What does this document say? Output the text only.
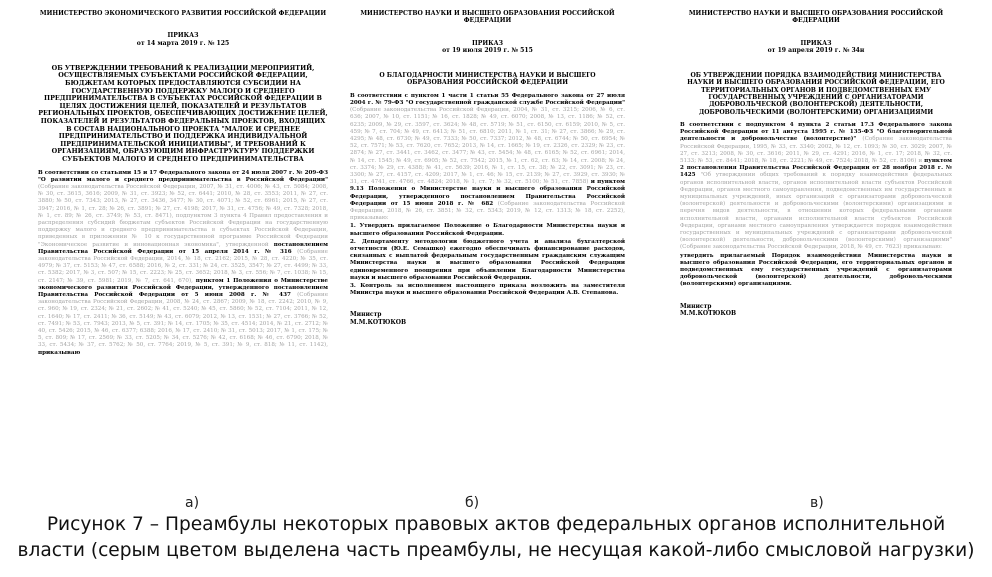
МИНИСТЕРСТВО ЭКОНОМИЧЕСКОГО РАЗВИТИЯ РОССИЙСКОЙ ФЕДЕРАЦИИ

ПРИКАЗ

от 14 марта 2019 г. № 125

ОБ УТВЕРЖДЕНИИ ТРЕБОВАНИЙ К РЕАЛИЗАЦИИ МЕРОПРИЯТИЙ, ОСУЩЕСТВЛЯЕМЫХ СУБЪЕКТАМИ РОССИЙСКОЙ ФЕДЕРАЦИИ, БЮДЖЕТАМ КОТОРЫХ ПРЕДОСТАВЛЯЮТСЯ СУБСИДИИ НА ГОСУДАРСТВЕННУЮ ПОДДЕРЖКУ МАЛОГО И СРЕДНЕГО ПРЕДПРИНИМАТЕЛЬСТВА В СУБЪЕКТАХ РОССИЙСКОЙ ФЕДЕРАЦИИ В ЦЕЛЯХ ДОСТИЖЕНИЯ ЦЕЛЕЙ, ПОКАЗАТЕЛЕЙ И РЕЗУЛЬТАТОВ РЕГИОНАЛЬНЫХ ПРОЕКТОВ, ОБЕСПЕЧИВАЮЩИХ ДОСТИЖЕНИЕ ЦЕЛЕЙ, ПОКАЗАТЕЛЕЙ И РЕЗУЛЬТАТОВ ФЕДЕРАЛЬНЫХ ПРОЕКТОВ, ВХОДЯЩИХ В СОСТАВ НАЦИОНАЛЬНОГО ПРОЕКТА "МАЛОЕ И СРЕДНЕЕ ПРЕДПРИНИМАТЕЛЬСТВО И ПОДДЕРЖКА ИНДИВИДУАЛЬНОЙ ПРЕДПРИНИМАТЕЛЬСКОЙ ИНИЦИАТИВЫ", И ТРЕБОВАНИЙ К ОРГАНИЗАЦИЯМ, ОБРАЗУЮЩИМ ИНФРАСТРУКТУРУ ПОДДЕРЖКИ СУБЪЕКТОВ МАЛОГО И СРЕДНЕГО ПРЕДПРИНИМАТЕЛЬСТВА

В соответствии со статьями 15 и 17 Федерального закона от 24 июля 2007 г. № 209-ФЗ "О развитии малого и среднего предпринимательства в Российской Федерации" (Собрание законодательства Российской Федерации, 2007, № 31, ст. 4006; № 43, ст. 5084; 2008, № 30, ст. 3615, 3616; 2009, № 31, ст. 3923; № 52, ст. 6441; 2010, № 28, ст. 3553; 2011, № 27, ст. 3880; № 50, ст. 7343; 2013, № 27, ст. 3436, 3477; № 30, ст. 4071; № 52, ст. 6961; 2015, № 27, ст. 3947; 2016, № 1, ст. 28; № 26, ст. 3891; № 27, ст. 4198; 2017, № 31, ст. 4756; № 49, ст. 7328; 2018, № 1, ст. 89; № 26, ст. 3749; № 53, ст. 8471), подпунктом 3 пункта 4 Правил предоставления и распределения субсидий бюджетам субъектов Российской Федерации на государственную поддержку малого и среднего предпринимательства в субъектах Российской Федерации, приведенных в приложении № 10 к государственной программе Российской Федерации "Экономическое развитие и инновационная экономика", утвержденной постановлением Правительства Российской Федерации от 15 апреля 2014 г. № 316 (Собрание законодательства Российской Федерации, 2014, № 18, ст. 2162; 2015, № 28, ст. 4220; № 35, ст. 4979; № 37, ст. 5153; № 47, ст. 6588; 2016, № 2, ст. 331; № 24, ст. 3525, 3547; № 27, ст. 4499; № 33, ст. 5382; 2017, № 3, ст. 507; № 15, ст. 2223; № 25, ст. 3652; 2018, № 3, ст. 556; № 7, ст. 1038; № 15, ст. 2147; № 39, ст. 5981; 2019, № 7, ст. 641, 670), пунктом 1 Положения о Министерстве экономического развития Российской Федерации, утвержденного постановлением Правительства Российской Федерации от 5 июня 2008 г. № 437 (Собрание законодательства Российской Федерации, 2008, № 24, ст. 2867; 2009, № 18, ст. 2242; 2010, № 9, ст. 960; № 19, ст. 2324; № 21, ст. 2602; № 41, ст. 5240; № 45, ст. 5860; № 52, ст. 7104; 2011, № 12, ст. 1640; № 17, ст. 2411; № 36, ст. 5149; № 43, ст. 6079; 2012, № 13, ст. 1531; № 27, ст. 3766; № 52, ст. 7491; № 53, ст. 7943; 2013, № 5, ст. 391; № 14, ст. 1705; № 35, ст. 4514; 2014, № 21, ст. 2712; № 40, ст. 5426; 2015, № 46, ст. 6377; 6388; 2016, № 17, ст. 2410; № 31, ст. 5013; 2017, № 1, ст. 175; № 5, ст. 809; № 17, ст. 2569; № 33, ст. 5205; № 34, ст. 5276; № 42, ст. 6168; № 46, ст. 6790; 2018, № 33, ст. 5434; № 37, ст. 5762; № 50, ст. 7764; 2019, № 5, ст. 391; № 9, ст. 818; № 11, ст. 1142), приказываю

МИНИСТЕРСТВО НАУКИ И ВЫСШЕГО ОБРАЗОВАНИЯ РОССИЙСКОЙ ФЕДЕРАЦИИ

ПРИКАЗ

от 19 июля 2019 г. № 515

О БЛАГОДАРНОСТИ МИНИСТЕРСТВА НАУКИ И ВЫСШЕГО ОБРАЗОВАНИЯ РОССИЙСКОЙ ФЕДЕРАЦИИ

В соответствии с пунктом 1 части 1 статьи 55 Федерального закона от 27 июля 2004 г. № 79-ФЗ "О государственной гражданской службе Российской Федерации" (Собрание законодательства Российской Федерации, 2004, № 31, ст. 3215; 2006, № 6, ст. 636; 2007, № 10, ст. 1151; № 16, ст. 1828; № 49, ст. 6070; 2008, № 13, ст. 1186; № 52, ст. 6235; 2009, № 29, ст. 3597, ст. 3624; № 48, ст. 5719; № 51, ст. 6150, ст. 6159; 2010, № 5, ст. 459; № 7, ст. 704; № 49, ст. 6413; № 51, ст. 6810; 2011, № 1, ст. 31; № 27, ст. 3866; № 29, ст. 4295; № 48, ст. 6730; № 49, ст. 7333; № 50, ст. 7337; 2012, № 48, ст. 6744; № 50, ст. 6954; № 52, ст. 7571; № 53, ст. 7620, ст. 7652; 2013, № 14, ст. 1665; № 19, ст. 2326, ст. 2329; № 23, ст. 2874; № 27, ст. 3441, ст. 3462, ст. 3477; № 43, ст. 5454; № 48, ст. 6165; № 52, ст. 6961; 2014, № 14, ст. 1545; № 49, ст. 6905; № 52, ст. 7542; 2015, № 1, ст. 62, ст. 63; № 14, ст. 2008; № 24, ст. 3374; № 29, ст. 4388; № 41, ст. 5639; 2016, № 1, ст. 15, ст. 38; № 22, ст. 3091; № 23, ст. 3300; № 27, ст. 4157, ст. 4209; 2017, № 1, ст. 46; № 15, ст. 2139; № 27, ст. 3929, ст. 3930; № 31, ст. 4741, ст. 4766, ст. 4824; 2018, № 1, ст. 7; № 32, ст. 5100; № 51, ст. 7858) и пунктом 9.13 Положения о Министерстве науки и высшего образования Российской Федерации, утвержденного постановлением Правительства Российской Федерации от 15 июня 2018 г. № 682 (Собрание законодательства Российской Федерации, 2018, № 26, ст. 3851; № 32, ст. 5343; 2019, № 12, ст. 1313; № 18, ст. 2252), приказываю:

1. Утвердить прилагаемое Положение о Благодарности Министерства науки и высшего образования Российской Федерации.

2. Департаменту методологии бюджетного учета и анализа бухгалтерской отчетности (Ю.Е. Семашко) ежегодно обеспечивать финансирование расходов, связанных с выплатой федеральным государственным гражданским служащим Министерства науки и высшего образования Российской Федерации единовременного поощрения при объявлении Благодарности Министерства науки и высшего образования Российской Федерации.

3. Контроль за исполнением настоящего приказа возложить на заместителя Министра науки и высшего образования Российской Федерации А.В. Степанова.

Министр
М.М.КОТЮКОВ

МИНИСТЕРСТВО НАУКИ И ВЫСШЕГО ОБРАЗОВАНИЯ РОССИЙСКОЙ ФЕДЕРАЦИИ

ПРИКАЗ

от 19 апреля 2019 г. № 34н

ОБ УТВЕРЖДЕНИИ ПОРЯДКА ВЗАИМОДЕЙСТВИЯ МИНИСТЕРСТВА НАУКИ И ВЫСШЕГО ОБРАЗОВАНИЯ РОССИЙСКОЙ ФЕДЕРАЦИИ, ЕГО ТЕРРИТОРИАЛЬНЫХ ОРГАНОВ И ПОДВЕДОМСТВЕННЫХ ЕМУ ГОСУДАРСТВЕННЫХ УЧРЕЖДЕНИЙ С ОРГАНИЗАТОРАМИ ДОБРОВОЛЬЧЕСКОЙ (ВОЛОНТЕРСКОЙ) ДЕЯТЕЛЬНОСТИ, ДОБРОВОЛЬЧЕСКИМИ (ВОЛОНТЕРСКИМИ) ОРГАНИЗАЦИЯМИ

В соответствии с подпунктом 4 пункта 2 статьи 17.3 Федерального закона Российской Федерации от 11 августа 1995 г. № 135-ФЗ "О благотворительной деятельности и добровольчестве (волонтерстве)" (Собрание законодательства Российской Федерации, 1995, № 33, ст. 3340; 2002, № 12, ст. 1093; № 30, ст. 3029; 2007, № 27, ст. 3213; 2008, № 30, ст. 3616; 2011, № 29, ст. 4291; 2016, № 1, ст. 17; 2018, № 32, ст. 5133; № 53, ст. 8441; 2018, № 18, ст. 2221; № 49, ст. 7524; 2018, № 52, ст. 8106) и пунктом 2 постановления Правительства Российской Федерации от 28 ноября 2018 г. № 1425 "Об утверждении общих требований к порядку взаимодействия федеральных органов исполнительной власти, органов исполнительной власти субъектов Российской Федерации, органов местного самоуправления, подведомственных им государственных и муниципальных учреждений, иных организаций с организаторами добровольческой (волонтерской) деятельности и добровольческими (волонтерскими) организациями и перечня видов деятельности, в отношении которых федеральными органами исполнительной власти, органами исполнительной власти субъектов Российской Федерации, органами местного самоуправления утверждается порядок взаимодействия государственных и муниципальных учреждений с организаторами добровольческой (волонтерской) деятельности, добровольческими (волонтерскими) организациями" (Собрание законодательства Российской Федерации, 2018, № 49, ст. 7623) приказываю:

утвердить прилагаемый Порядок взаимодействия Министерства науки и высшего образования Российской Федерации, его территориальных органов и подведомственных ему государственных учреждений с организаторами добровольческой (волонтерской) деятельности, добровольческими (волонтерскими) организациями.

Министр
М.М.КОТЮКОВ
а)	б)	в)
Рисунок 7 – Преамбулы некоторых правовых актов федеральных органов исполнительной
власти (серым цветом выделена часть преамбулы, не несущая какой-либо смысловой нагрузки)
